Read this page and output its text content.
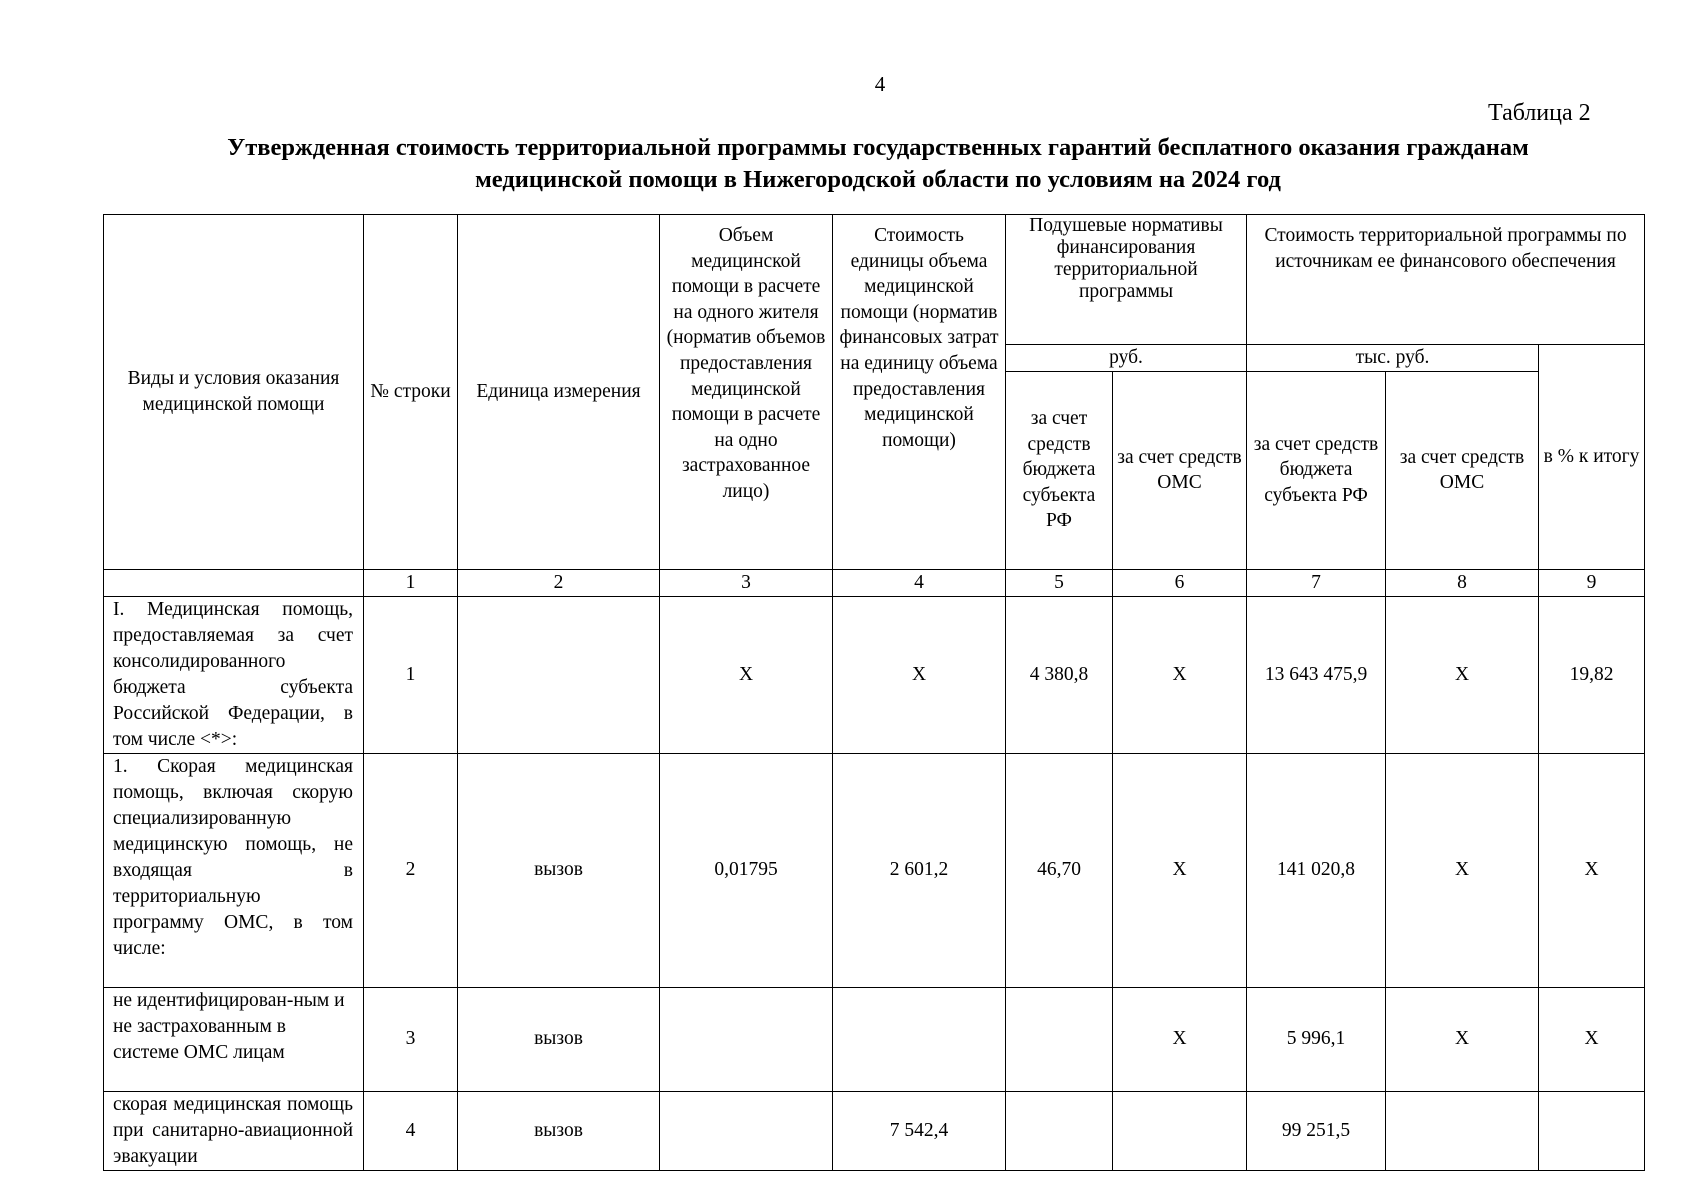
4
Таблица 2
Утвержденная стоимость территориальной программы государственных гарантий бесплатного оказания гражданам
медицинской помощи в Нижегородской области по условиям на 2024 год
Виды и условия оказания медицинской помощи	№ строки	Единица измерения	Объем медицинской помощи в расчете на одного жителя (норматив объемов предоставления медицинской помощи в расчете на одно застрахованное лицо)	Стоимость единицы объема медицинской помощи (норматив финансовых затрат на единицу объема предоставления медицинской помощи)	Подушевые нормативы финансирования территориальной программы		Стоимость территориальной программы по источникам ее финансового обеспечения		
					руб.		тыс. руб.		в % к итогу
					за счет средств бюджета субъекта РФ	за счет средств ОМС	за счет средств бюджета субъекта РФ	за счет средств ОМС	
	1	2	3	4	5	6	7	8	9
I. Медицинская помощь, предоставляемая за счет консолидированного бюджета субъекта Российской Федерации, в том числе <*>:	1		X	X	4 380,8	X	13 643 475,9	X	19,82
1. Скорая медицинская помощь, включая скорую специализированную медицинскую помощь, не входящая в территориальную программу ОМС, в том числе:	2	вызов	0,01795	2 601,2	46,70	X	141 020,8	X	X
не идентифицирован-ным и не застрахованным в системе ОМС лицам	3	вызов				X	5 996,1	X	X
скорая медицинская помощь при санитарно-авиационной эвакуации	4	вызов		7 542,4			99 251,5		
